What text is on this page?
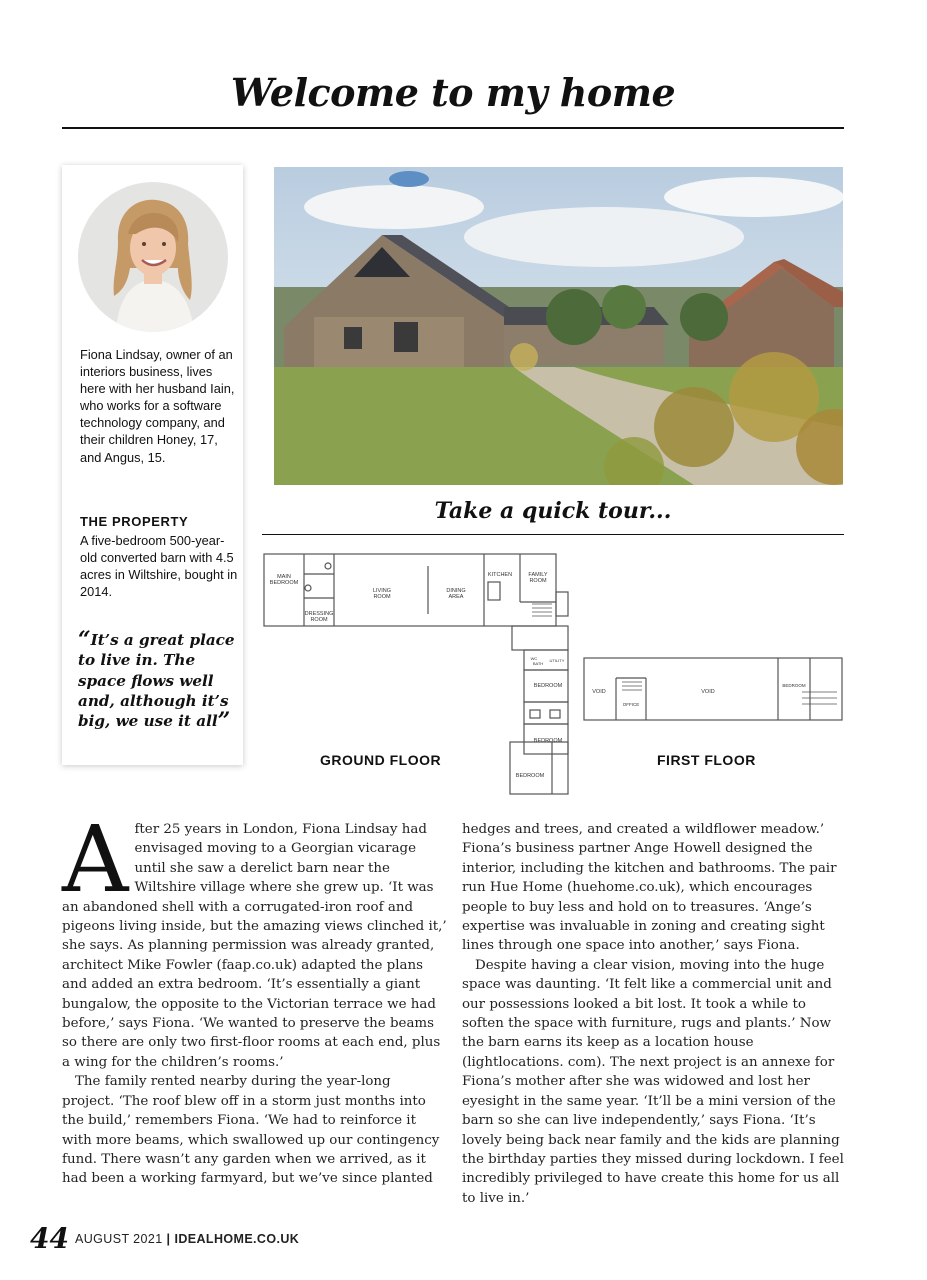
Welcome to my home
Fiona Lindsay, owner of an interiors business, lives here with her husband Iain, who works for a software technology company, and their children Honey, 17, and Angus, 15.
THE PROPERTY
A five-bedroom 500-year-old converted barn with 4.5 acres in Wiltshire, bought in 2014.
“It’s a great place to live in. The space flows well and, although it’s big, we use it all”
Take a quick tour...
MAIN
BEDROOM
DRESSING
ROOM
LIVING
ROOM
DINING
AREA
KITCHEN	FAMILY
ROOM
WC
BATH
UTILITY
BEDROOM
BEDROOM
BEDROOM
VOID
OFFICE
VOID
BEDROOM
GROUND FLOOR	FIRST FLOOR
A fter 25 years in London, Fiona Lindsay had envisaged moving to a Georgian vicarage until she saw a derelict barn near the Wiltshire village where she grew up. ‘It was an abandoned shell with a corrugated-iron roof and pigeons living inside, but the amazing views clinched it,’ she says. As planning permission was already granted, architect Mike Fowler (faap.co.uk) adapted the plans and added an extra bedroom. ‘It’s essentially a giant bungalow, the opposite to the Victorian terrace we had before,’ says Fiona. ‘We wanted to preserve the beams so there are only two first-floor rooms at each end, plus a wing for the children’s rooms.’

The family rented nearby during the year-long project. ‘The roof blew off in a storm just months into the build,’ remembers Fiona. ‘We had to reinforce it with more beams, which swallowed up our contingency fund. There wasn’t any garden when we arrived, as it had been a working farmyard, but we’ve since planted

hedges and trees, and created a wildflower meadow.’ Fiona’s business partner Ange Howell designed the interior, including the kitchen and bathrooms. The pair run Hue Home (huehome.co.uk), which encourages people to buy less and hold on to treasures. ‘Ange’s expertise was invaluable in zoning and creating sight lines through one space into another,’ says Fiona.

Despite having a clear vision, moving into the huge space was daunting. ‘It felt like a commercial unit and our possessions looked a bit lost. It took a while to soften the space with furniture, rugs and plants.’ Now the barn earns its keep as a location house (lightlocations. com). The next project is an annexe for Fiona’s mother after she was widowed and lost her eyesight in the same year. ‘It’ll be a mini version of the barn so she can live independently,’ says Fiona. ‘It’s lovely being back near family and the kids are planning the birthday parties they missed during lockdown. I feel incredibly privileged to have create this home for us all to live in.’

44 AUGUST 2021 | IDEALHOME.CO.UK
